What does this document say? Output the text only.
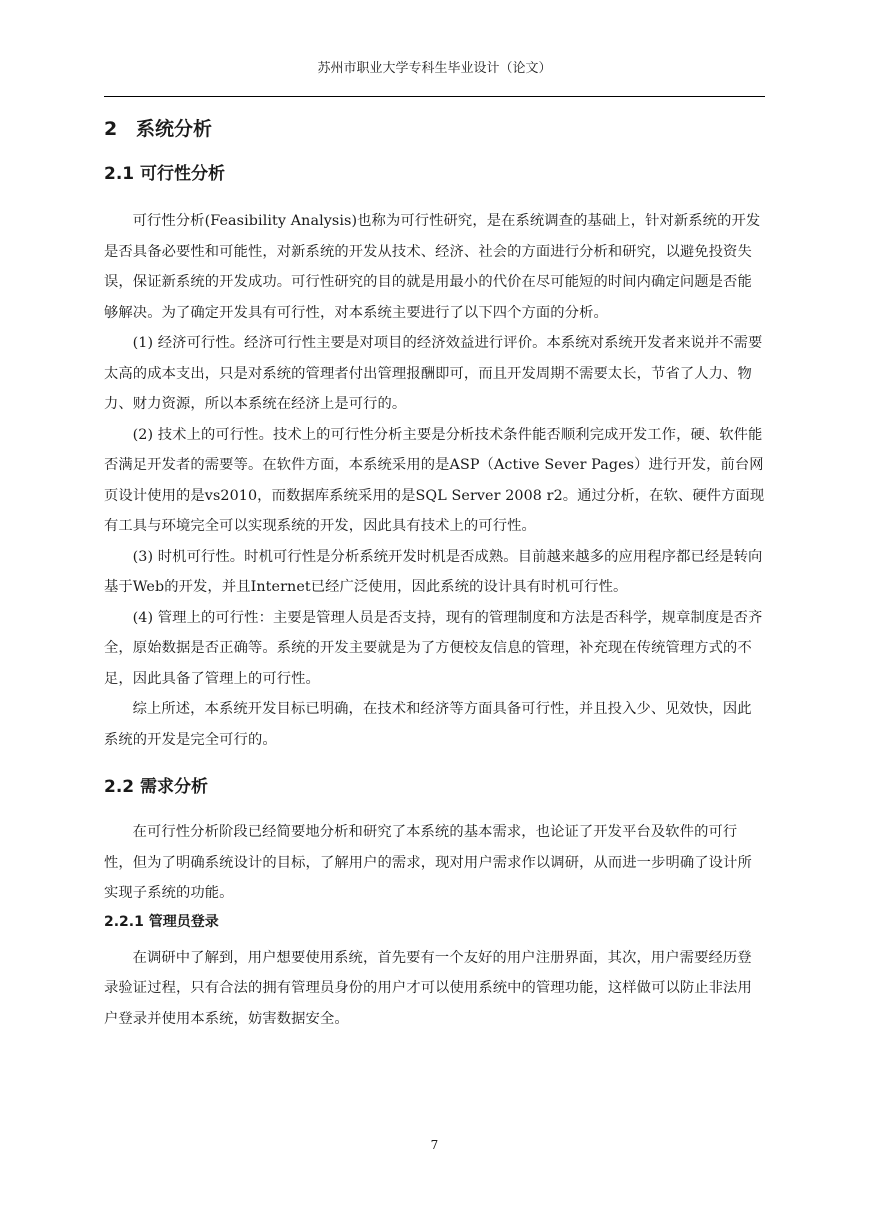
苏州市职业大学专科生毕业设计（论文）
2 系统分析
2.1 可行性分析

可行性分析(Feasibility Analysis)也称为可行性研究，是在系统调查的基础上，针对新系统的开发是否具备必要性和可能性，对新系统的开发从技术、经济、社会的方面进行分析和研究，以避免投资失误，保证新系统的开发成功。可行性研究的目的就是用最小的代价在尽可能短的时间内确定问题是否能够解决。为了确定开发具有可行性，对本系统主要进行了以下四个方面的分析。

(1) 经济可行性。经济可行性主要是对项目的经济效益进行评价。本系统对系统开发者来说并不需要太高的成本支出，只是对系统的管理者付出管理报酬即可，而且开发周期不需要太长，节省了人力、物力、财力资源，所以本系统在经济上是可行的。

(2) 技术上的可行性。技术上的可行性分析主要是分析技术条件能否顺利完成开发工作，硬、软件能否满足开发者的需要等。在软件方面，本系统采用的是ASP（Active Sever Pages）进行开发，前台网页设计使用的是vs2010，而数据库系统采用的是SQL Server 2008 r2。通过分析，在软、硬件方面现有工具与环境完全可以实现系统的开发，因此具有技术上的可行性。

(3) 时机可行性。时机可行性是分析系统开发时机是否成熟。目前越来越多的应用程序都已经是转向基于Web的开发，并且Internet已经广泛使用，因此系统的设计具有时机可行性。

(4) 管理上的可行性：主要是管理人员是否支持，现有的管理制度和方法是否科学，规章制度是否齐全，原始数据是否正确等。系统的开发主要就是为了方便校友信息的管理，补充现在传统管理方式的不足，因此具备了管理上的可行性。

综上所述，本系统开发目标已明确，在技术和经济等方面具备可行性，并且投入少、见效快，因此系统的开发是完全可行的。

2.2 需求分析

在可行性分析阶段已经简要地分析和研究了本系统的基本需求，也论证了开发平台及软件的可行性，但为了明确系统设计的目标，了解用户的需求，现对用户需求作以调研，从而进一步明确了设计所实现子系统的功能。

2.2.1 管理员登录

在调研中了解到，用户想要使用系统，首先要有一个友好的用户注册界面，其次，用户需要经历登录验证过程，只有合法的拥有管理员身份的用户才可以使用系统中的管理功能，这样做可以防止非法用户登录并使用本系统，妨害数据安全。

7
